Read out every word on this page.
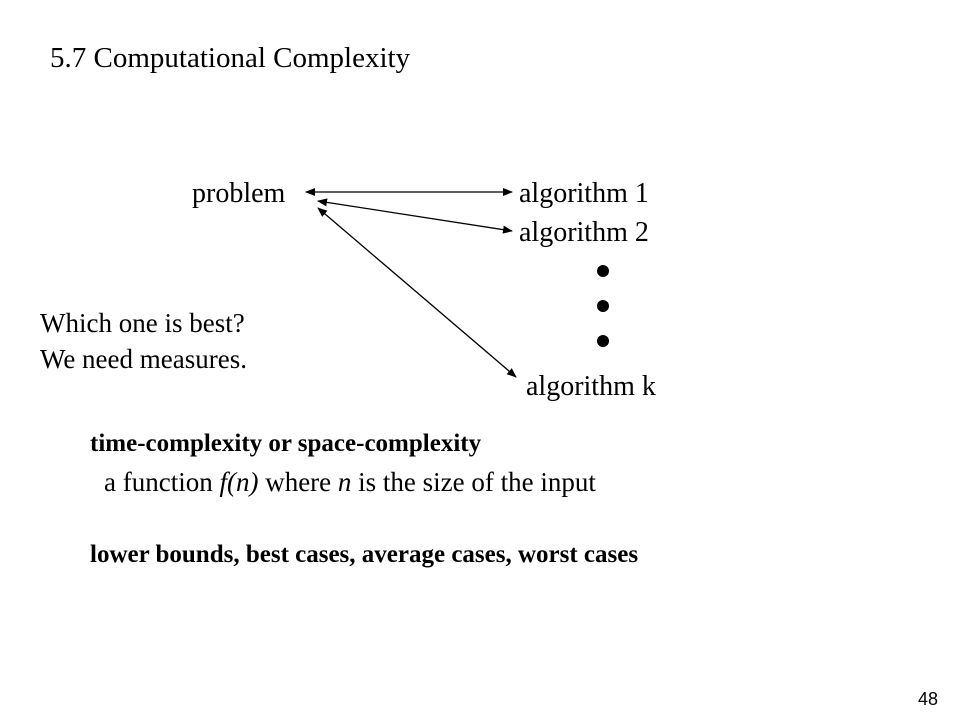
5.7 Computational Complexity
problem	algorithm 1
algorithm 2
algorithm k
Which one is best?
We need measures.
time-complexity or space-complexity
a function f(n) where n is the size of the input
lower bounds, best cases, average cases, worst cases
48
